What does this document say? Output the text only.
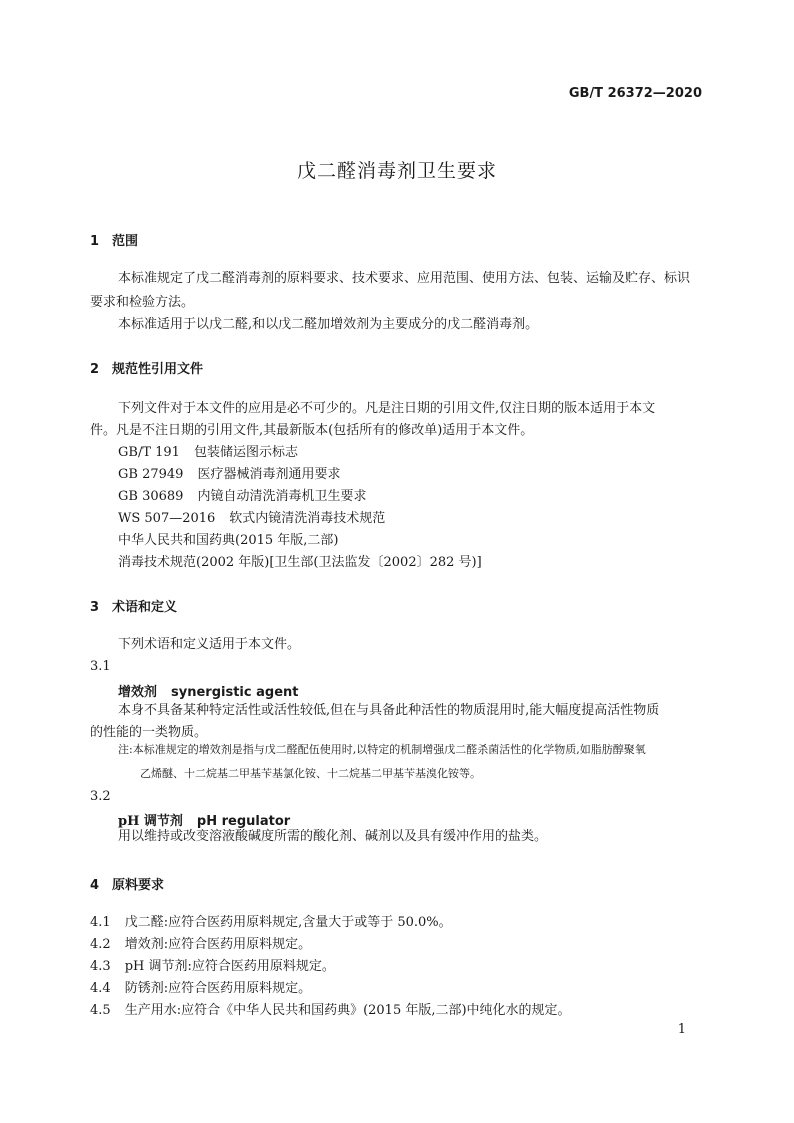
GB/T 26372—2020
戊二醛消毒剂卫生要求
1 范围
本标准规定了戊二醛消毒剂的原料要求、技术要求、应用范围、使用方法、包装、运输及贮存、标识
要求和检验方法。
本标准适用于以戊二醛,和以戊二醛加增效剂为主要成分的戊二醛消毒剂。
2 规范性引用文件
下列文件对于本文件的应用是必不可少的。凡是注日期的引用文件,仅注日期的版本适用于本文
件。凡是不注日期的引用文件,其最新版本(包括所有的修改单)适用于本文件。
GB/T 191 包装储运图示标志
GB 27949 医疗器械消毒剂通用要求
GB 30689 内镜自动清洗消毒机卫生要求
WS 507—2016 软式内镜清洗消毒技术规范
中华人民共和国药典(2015 年版,二部)
消毒技术规范(2002 年版)[卫生部(卫法监发〔2002〕282 号)]
3 术语和定义
下列术语和定义适用于本文件。
3.1
增效剂 synergistic agent
本身不具备某种特定活性或活性较低,但在与具备此种活性的物质混用时,能大幅度提高活性物质
的性能的一类物质。
注:本标准规定的增效剂是指与戊二醛配伍使用时,以特定的机制增强戊二醛杀菌活性的化学物质,如脂肪醇聚氧
乙烯醚、十二烷基二甲基苄基氯化铵、十二烷基二甲基苄基溴化铵等。
3.2
pH 调节剂 pH regulator
用以维持或改变溶液酸碱度所需的酸化剂、碱剂以及具有缓冲作用的盐类。
4 原料要求
4.1 戊二醛:应符合医药用原料规定,含量大于或等于 50.0%。
4.2 增效剂:应符合医药用原料规定。
4.3 pH 调节剂:应符合医药用原料规定。
4.4 防锈剂:应符合医药用原料规定。
4.5 生产用水:应符合《中华人民共和国药典》(2015 年版,二部)中纯化水的规定。
1
